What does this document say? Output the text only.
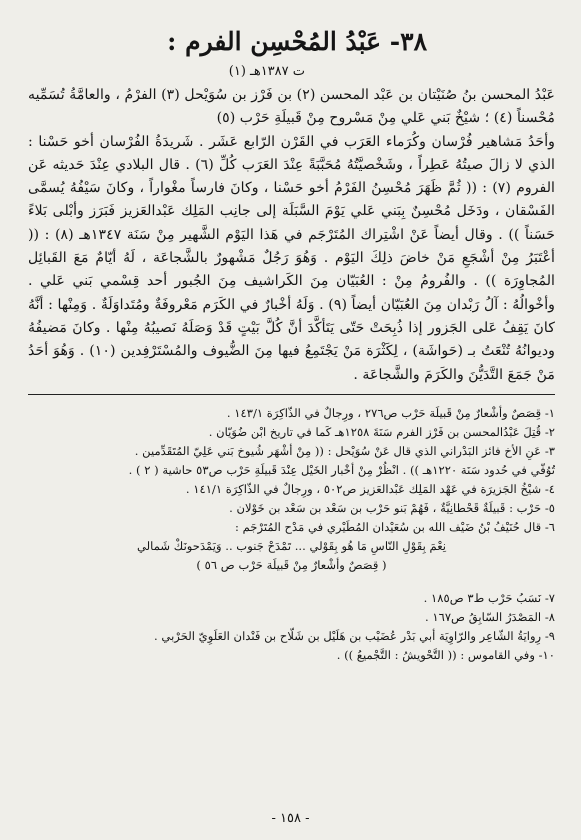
٣٨- عَبْدُ المُحْسِن الفرم :
ت ١٣٨٧هـ (١)

عَبْدُ المحسن بنُ صُنَيْتان بن عَبْد المحسن (٢) بن فَرْز بن سُوَيْحل (٣) الفرْمُ ، والعامَّةُ تُسَمِّيه مُحْسناً (٤) ؛ شيْخٌ بَني عَلي مِنْ مَسْروح مِنْ قَبيلَةِ حَرْب (٥)

وأحَدُ مَشاهير فُرْسان وكُرَماء العَرَب في القَرْن الرّابع عَشَر . شَريدَةُ الفُرْسان أخو حَسْنا : الذي لا زالَ صيتُهُ عَطِراً ، وشَخْصيَّتُهُ مُحَبَّبَةً عِنْدَ العَرَب كُلِّ (٦) . قال البلادي عِنْدَ حَديثه عَن الفروم (٧) : (( ثُمَّ ظَهَرَ مُحْسِنُ الفَرْمُ أخو حَسْنا ، وكانَ فارساً مغْواراً ، وكانَ سَيْفُهُ يُسمَّى الفَسْقان ، ودَخَل مُحْسِنٌ بِبَني عَلي يَوْمَ السَّبَلَة إلى جانِب المَلِك عَبْدالعَزيز فَبَرَز وأبْلى بَلاءً حَسَناً )) . وقال أيضاً عَنْ اشْتِراك المُتَرْجَم في هَذا اليَوْم الشَّهير مِنْ سَنَة ١٣٤٧هـ (٨) : (( أعْتَبَرُ مِنْ أشْجَعِ مَنْ خاضَ ذلِكَ اليَوْم . وَهُوَ رَجُلٌ مَشْهورٌ بالشَّجاعَة ، لَهُ أيّامٌ مَعَ القَبائِل المُجاوِرَة )) . والفُرومُ مِنْ : العُبَيّان مِنَ الكَراشيف مِنَ الجُبور أحد قِسْمي بَني عَلي . وأخْوالُهُ : آلُ رَبْدان مِنَ العُبَيّان أيضاً (٩) . وَلَهُ أخْبارٌ في الكَرَم مَعْروفَةٌ ومُتَداوَلَةٌ . وَمِنْها : أنَّهُ كانَ يَقِفُ عَلى الجَزور إذا ذُبِحَتْ حَتّى يَتَأكَّدَ أنَّ كُلَّ بَيْتٍ قَدْ وَصَلَهُ نَصيبُهُ مِنْها . وكانَ مَضيفُهُ وديوانُهُ تُنْعَتُ بـ (حَواشَة) ، لِكَثْرَة مَنْ يَجْتَمِعُ فيها مِنَ الضُّيوف والمُسْتَرْفِدين (١٠) . وَهُوَ أحَدُ مَنْ جَمَعَ التَّدَيُّنَ والكَرَمَ والشَّجاعَة .

١- قِصَصٌ وأشْعارٌ مِنْ قَبيلَة حَرْب ص٢٧٦ ، ورِجالٌ في الذّاكِرَة ١٤٣/١ .

٢- قُتِلَ عَبْدُالمحسن بن فَرْز الفرم سَنَةَ ١٢٥٨هـ كَما في تاريخ ابْن ضُوَيّان .

٣- عَنِ الأخ فائز البَدْراني الذي قال عَنْ سُوَيْحل : (( مِنْ أشْهَر شُيوخ بَني عَلِيّ المُتَقَدِّمين .

تُوُفّي في حُدود سَنَة ١٢٢٠هـ )) . انْظُرْ مِنْ أخْبار الخَيْل عِنْدَ قَبيلَةِ حَرْب ص٥٣ حاشية ( ٢ ) .

٤- شيْخُ الجَزيرَة في عَهْد المَلِك عَبْدالعَزيز ص٥٠٢ ، ورِجالٌ في الذّاكِرَة ١٤١/١ .

٥- حَرْب : قَبيلَةٌ قَحْطانِيَّةٌ ، فَهُمْ بَنو حَرْب بن سَعْد بن سَعْد بن خَوْلان .

٦- قال حُنَيْفُ بْنُ ضَيْف الله بن سُعَيْدان المُطَيْري في مَدْح المُتَرْجَم :

نِعْمَ بِقَوْلِ النّاسِ مَا هُو بِقَوْلي ... تَمْدَحْ جَنوب .. وَيَمْدَحونَكْ شَمالي

( قِصَصٌ وأشْعارٌ مِنْ قَبيلَة حَرْب ص ٥٦ )

٧- نَسَبُ حَرْب ط٣ ص١٨٥ .

٨- المَصْدَرُ السّابِقُ ص١٦٧ .

٩- رِوايَةُ الشّاعِر والرّاوِيَة أبي بَدْر عُضَيْب بن هَلَيْل بن شَلّاح بن فَنْدان العَلَوِيّ الحَرْبي .

١٠- وفي القاموس : (( التَّحْويشُ : التَّجْميعُ )) .

- ١٥٨ -
